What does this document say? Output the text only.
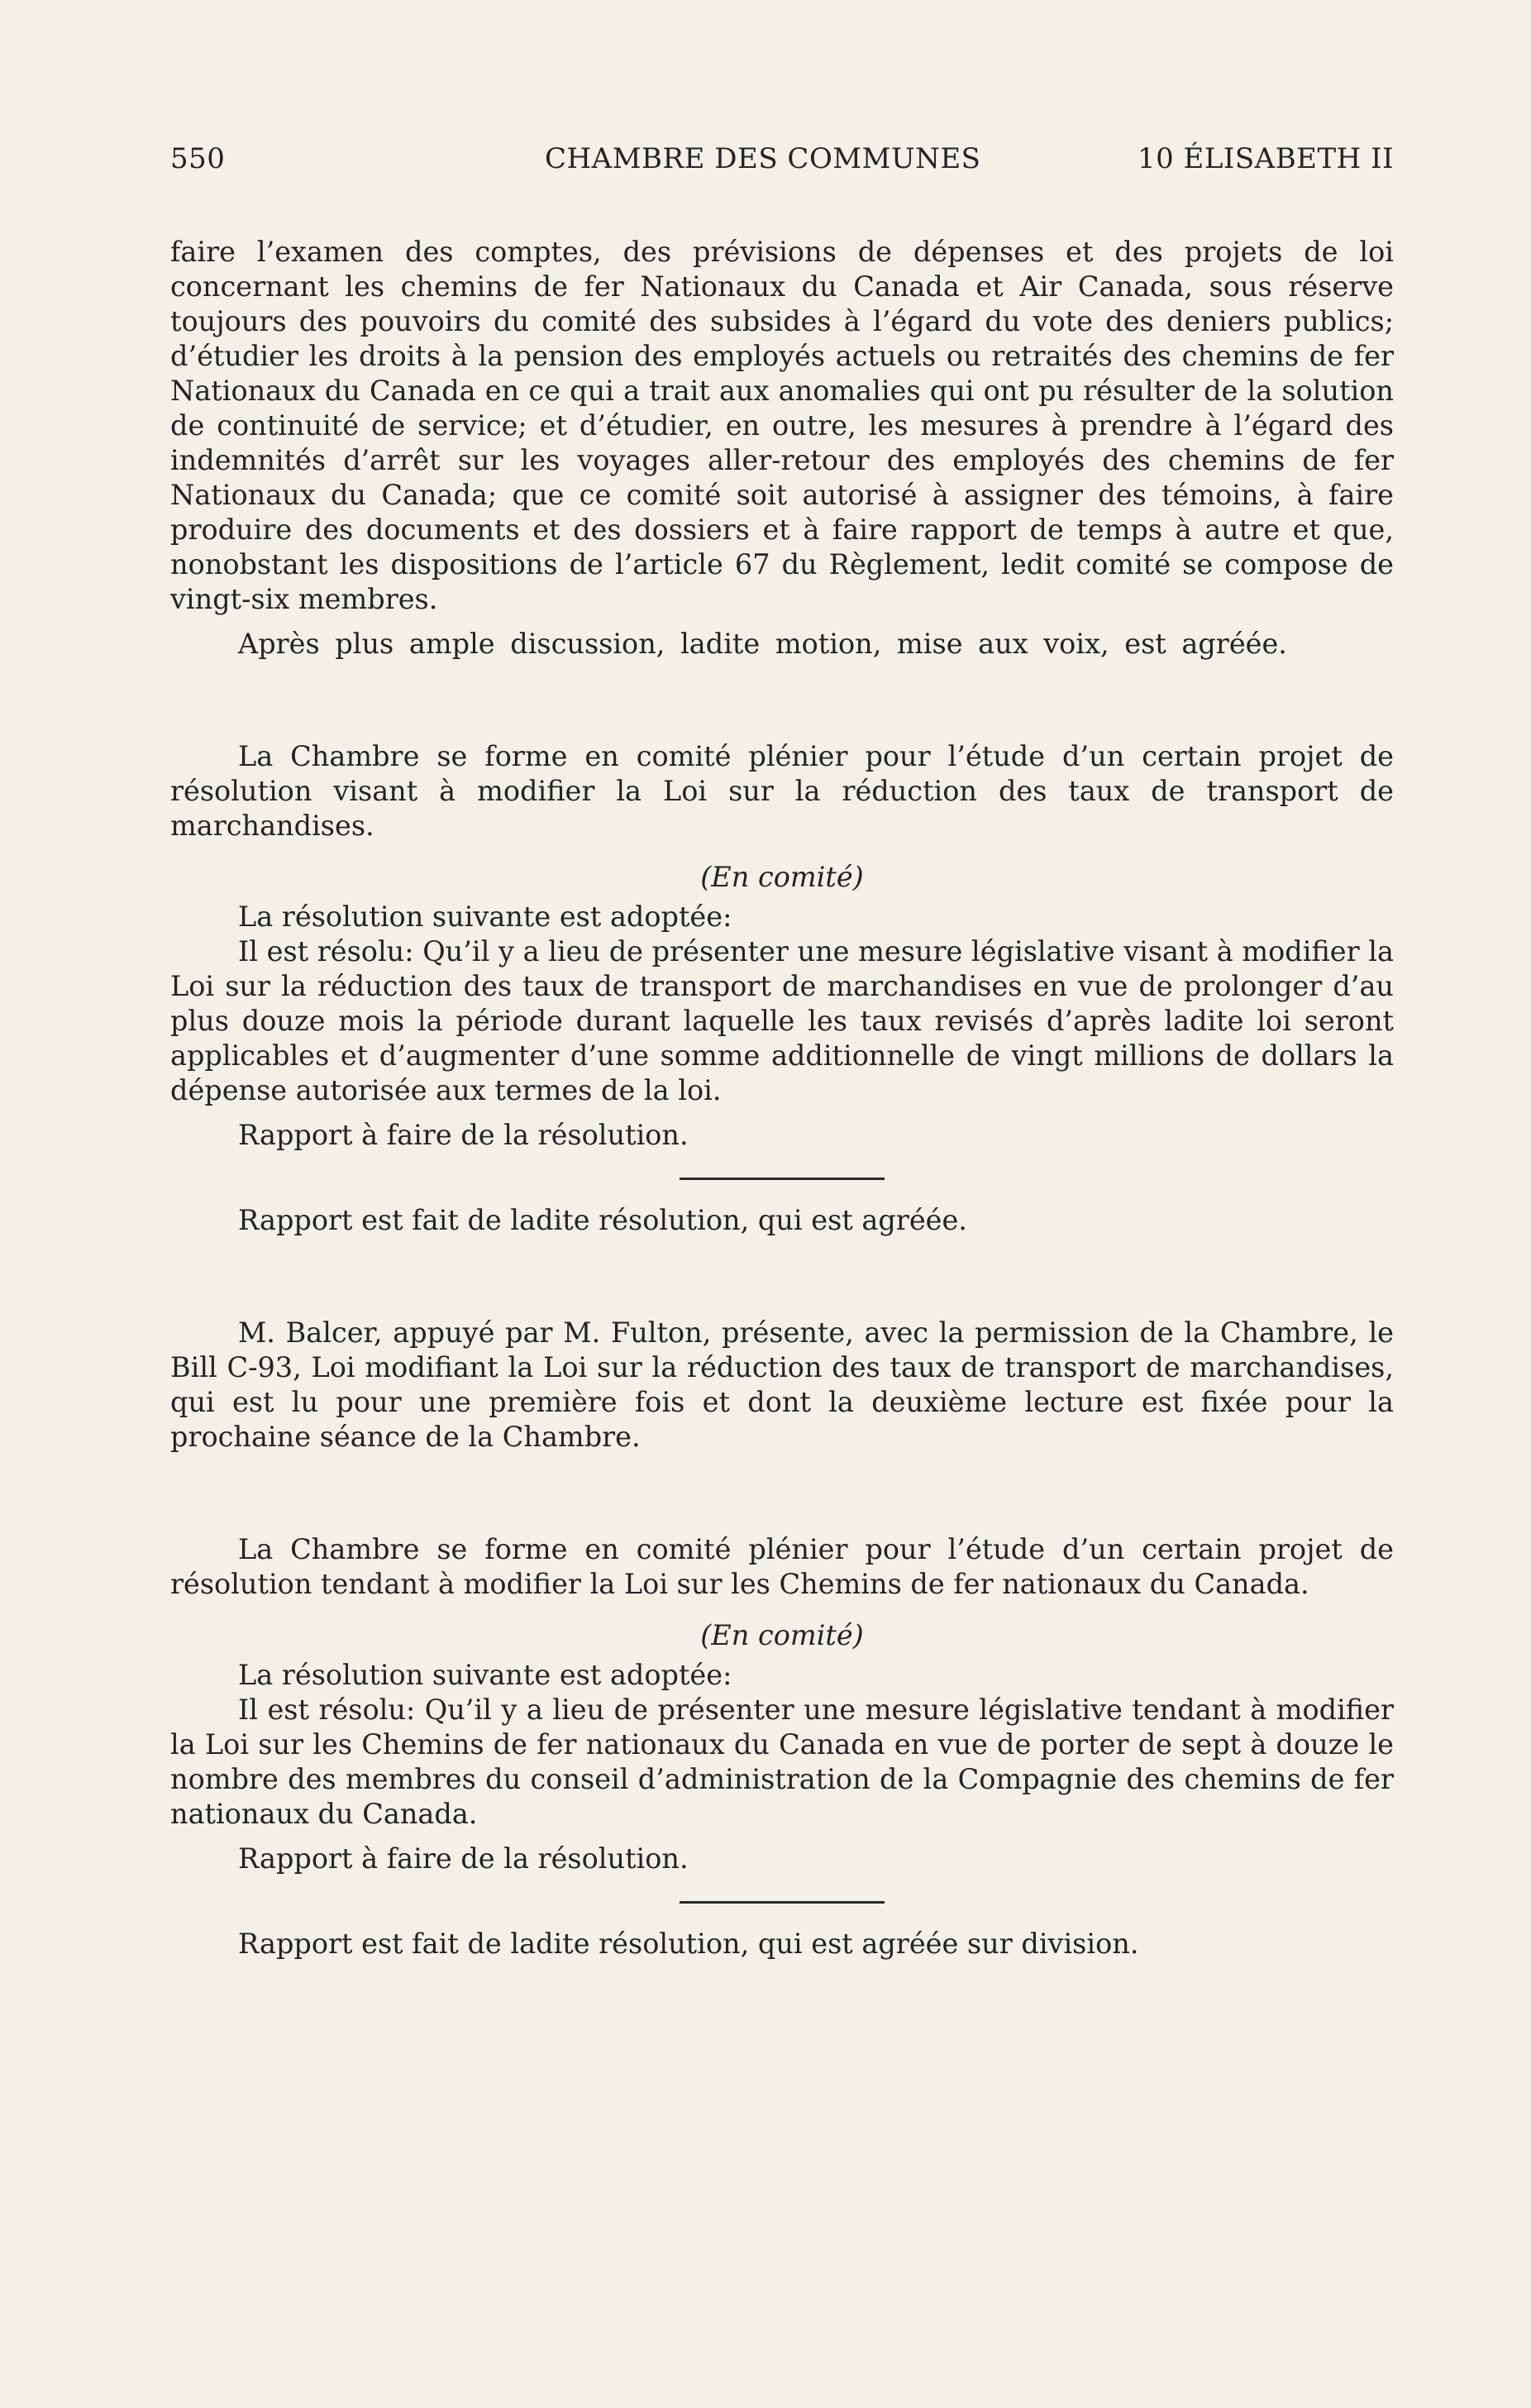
550	CHAMBRE DES COMMUNES	10 ÉLISABETH II

faire l’examen des comptes, des prévisions de dépenses et des projets de loi concernant les chemins de fer Nationaux du Canada et Air Canada, sous réserve toujours des pouvoirs du comité des subsides à l’égard du vote des deniers publics; d’étudier les droits à la pension des employés actuels ou retraités des chemins de fer Nationaux du Canada en ce qui a trait aux anomalies qui ont pu résulter de la solution de continuité de service; et d’étudier, en outre, les mesures à prendre à l’égard des indemnités d’arrêt sur les voyages aller-retour des employés des chemins de fer Nationaux du Canada; que ce comité soit autorisé à assigner des témoins, à faire produire des documents et des dossiers et à faire rapport de temps à autre et que, nonobstant les dispositions de l’article 67 du Règlement, ledit comité se compose de vingt-six membres.

Après plus ample discussion, ladite motion, mise aux voix, est agréée.

La Chambre se forme en comité plénier pour l’étude d’un certain projet de résolution visant à modifier la Loi sur la réduction des taux de transport de marchandises.

(En comité)

La résolution suivante est adoptée:

Il est résolu: Qu’il y a lieu de présenter une mesure législative visant à modifier la Loi sur la réduction des taux de transport de marchandises en vue de prolonger d’au plus douze mois la période durant laquelle les taux revisés d’après ladite loi seront applicables et d’augmenter d’une somme additionnelle de vingt millions de dollars la dépense autorisée aux termes de la loi.

Rapport à faire de la résolution.

Rapport est fait de ladite résolution, qui est agréée.

M. Balcer, appuyé par M. Fulton, présente, avec la permission de la Chambre, le Bill C-93, Loi modifiant la Loi sur la réduction des taux de transport de marchandises, qui est lu pour une première fois et dont la deuxième lecture est fixée pour la prochaine séance de la Chambre.

La Chambre se forme en comité plénier pour l’étude d’un certain projet de résolution tendant à modifier la Loi sur les Chemins de fer nationaux du Canada.

(En comité)

La résolution suivante est adoptée:

Il est résolu: Qu’il y a lieu de présenter une mesure législative tendant à modifier la Loi sur les Chemins de fer nationaux du Canada en vue de porter de sept à douze le nombre des membres du conseil d’administration de la Compagnie des chemins de fer nationaux du Canada.

Rapport à faire de la résolution.

Rapport est fait de ladite résolution, qui est agréée sur division.
